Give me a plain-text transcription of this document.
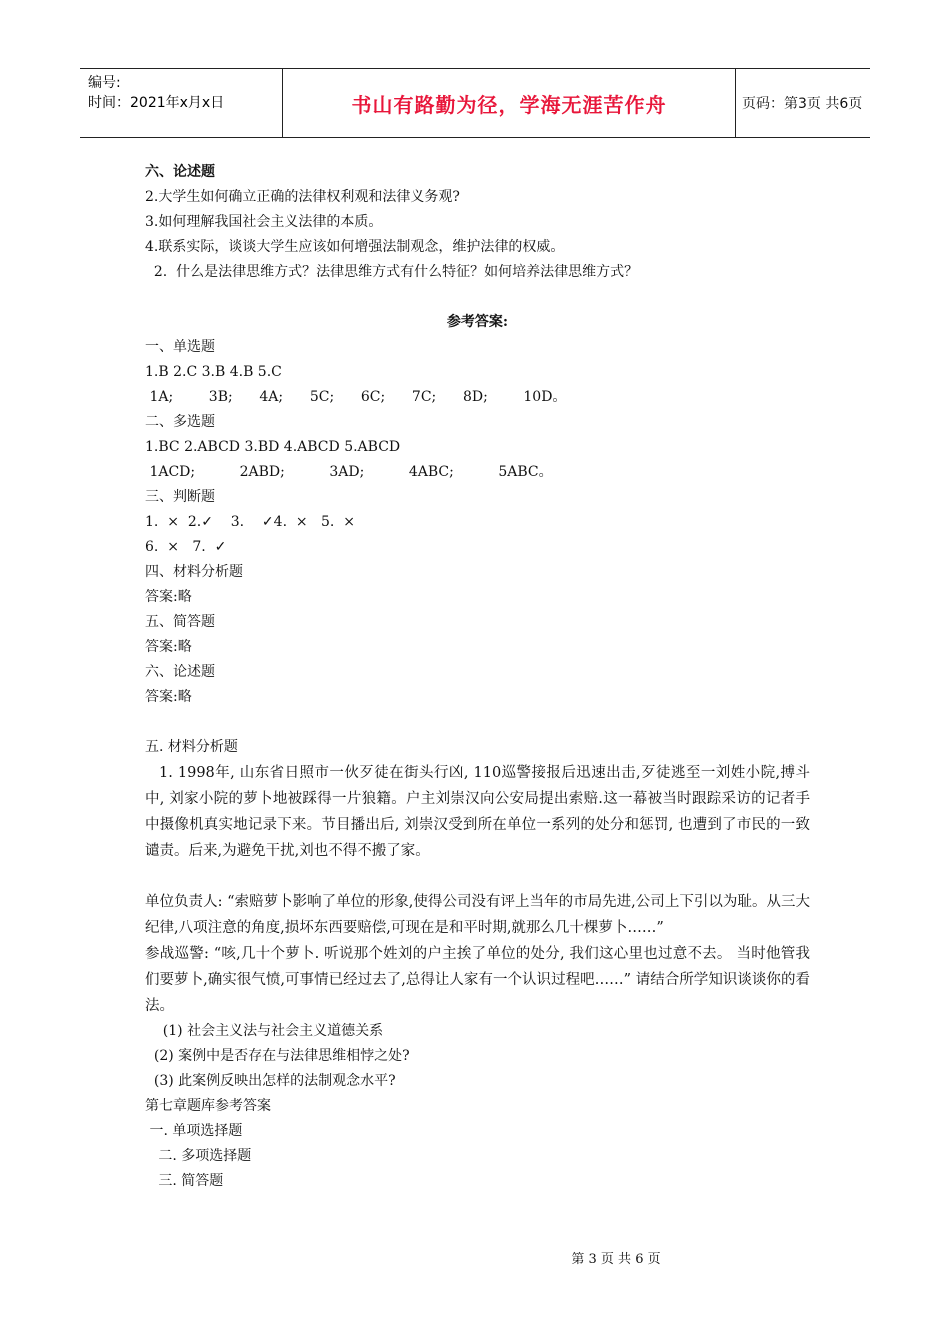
编号:
时间：2021年x月x日	书山有路勤为径，学海无涯苦作舟	页码：第3页 共6页
六、论述题
2.大学生如何确立正确的法律权利观和法律义务观?
3.如何理解我国社会主义法律的本质。
4.联系实际，谈谈大学生应该如何增强法制观念，维护法律的权威。
2.  什么是法律思维方式？法律思维方式有什么特征？如何培养法律思维方式？
参考答案:
一、单选题
1.B 2.C 3.B 4.B 5.C
1A;        3B;      4A;      5C;      6C;      7C;      8D;        10D。
二、多选题
1.BC 2.ABCD 3.BD 4.ABCD 5.ABCD
1ACD;          2ABD;          3AD;          4ABC;          5ABC。
三、判断题
1.  ×  2.✓    3.    ✓4.  ×   5.  ×
6.  ×   7.  ✓
四、材料分析题
答案:略
五、简答题
答案:略
六、论述题
答案:略
五. 材料分析题

1. 1998年, 山东省日照市一伙歹徒在街头行凶, 110巡警接报后迅速出击,歹徒逃至一刘姓小院,搏斗中, 刘家小院的萝卜地被踩得一片狼籍。户主刘崇汉向公安局提出索赔.这一幕被当时跟踪采访的记者手中摄像机真实地记录下来。节目播出后, 刘崇汉受到所在单位一系列的处分和惩罚, 也遭到了市民的一致谴责。后来,为避免干扰,刘也不得不搬了家。

单位负责人: “索赔萝卜影响了单位的形象,使得公司没有评上当年的市局先进,公司上下引以为耻。从三大纪律,八项注意的角度,损坏东西要赔偿,可现在是和平时期,就那么几十棵萝卜……”

参战巡警: “咳,几十个萝卜. 听说那个姓刘的户主挨了单位的处分, 我们这心里也过意不去。 当时他管我们要萝卜,确实很气愤,可事情已经过去了,总得让人家有一个认识过程吧……” 请结合所学知识谈谈你的看法。

(1) 社会主义法与社会主义道德关系
(2) 案例中是否存在与法律思维相悖之处?
(3) 此案例反映出怎样的法制观念水平?
第七章题库参考答案
一. 单项选择题
二. 多项选择题
三. 简答题
第 3 页 共 6 页
